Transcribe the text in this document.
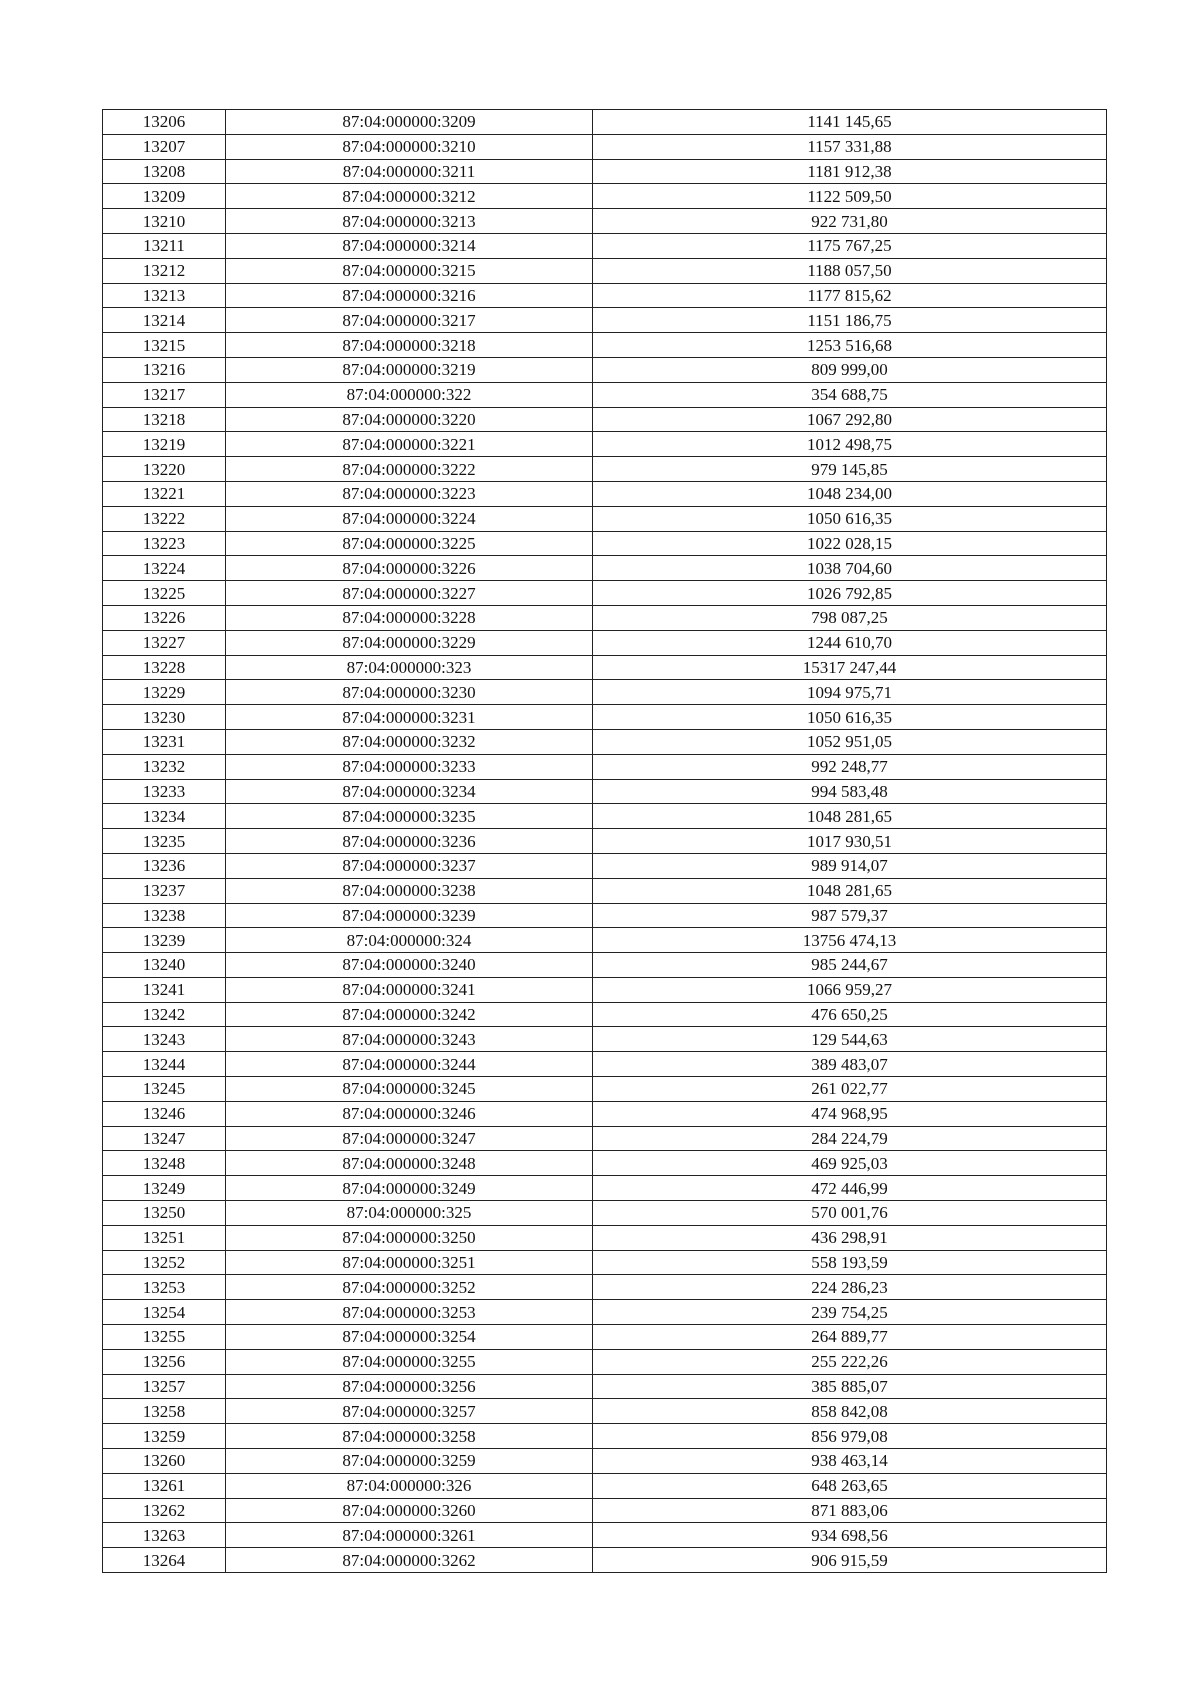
13206	87:04:000000:3209	1141 145,65
13207	87:04:000000:3210	1157 331,88
13208	87:04:000000:3211	1181 912,38
13209	87:04:000000:3212	1122 509,50
13210	87:04:000000:3213	922 731,80
13211	87:04:000000:3214	1175 767,25
13212	87:04:000000:3215	1188 057,50
13213	87:04:000000:3216	1177 815,62
13214	87:04:000000:3217	1151 186,75
13215	87:04:000000:3218	1253 516,68
13216	87:04:000000:3219	809 999,00
13217	87:04:000000:322	354 688,75
13218	87:04:000000:3220	1067 292,80
13219	87:04:000000:3221	1012 498,75
13220	87:04:000000:3222	979 145,85
13221	87:04:000000:3223	1048 234,00
13222	87:04:000000:3224	1050 616,35
13223	87:04:000000:3225	1022 028,15
13224	87:04:000000:3226	1038 704,60
13225	87:04:000000:3227	1026 792,85
13226	87:04:000000:3228	798 087,25
13227	87:04:000000:3229	1244 610,70
13228	87:04:000000:323	15317 247,44
13229	87:04:000000:3230	1094 975,71
13230	87:04:000000:3231	1050 616,35
13231	87:04:000000:3232	1052 951,05
13232	87:04:000000:3233	992 248,77
13233	87:04:000000:3234	994 583,48
13234	87:04:000000:3235	1048 281,65
13235	87:04:000000:3236	1017 930,51
13236	87:04:000000:3237	989 914,07
13237	87:04:000000:3238	1048 281,65
13238	87:04:000000:3239	987 579,37
13239	87:04:000000:324	13756 474,13
13240	87:04:000000:3240	985 244,67
13241	87:04:000000:3241	1066 959,27
13242	87:04:000000:3242	476 650,25
13243	87:04:000000:3243	129 544,63
13244	87:04:000000:3244	389 483,07
13245	87:04:000000:3245	261 022,77
13246	87:04:000000:3246	474 968,95
13247	87:04:000000:3247	284 224,79
13248	87:04:000000:3248	469 925,03
13249	87:04:000000:3249	472 446,99
13250	87:04:000000:325	570 001,76
13251	87:04:000000:3250	436 298,91
13252	87:04:000000:3251	558 193,59
13253	87:04:000000:3252	224 286,23
13254	87:04:000000:3253	239 754,25
13255	87:04:000000:3254	264 889,77
13256	87:04:000000:3255	255 222,26
13257	87:04:000000:3256	385 885,07
13258	87:04:000000:3257	858 842,08
13259	87:04:000000:3258	856 979,08
13260	87:04:000000:3259	938 463,14
13261	87:04:000000:326	648 263,65
13262	87:04:000000:3260	871 883,06
13263	87:04:000000:3261	934 698,56
13264	87:04:000000:3262	906 915,59
